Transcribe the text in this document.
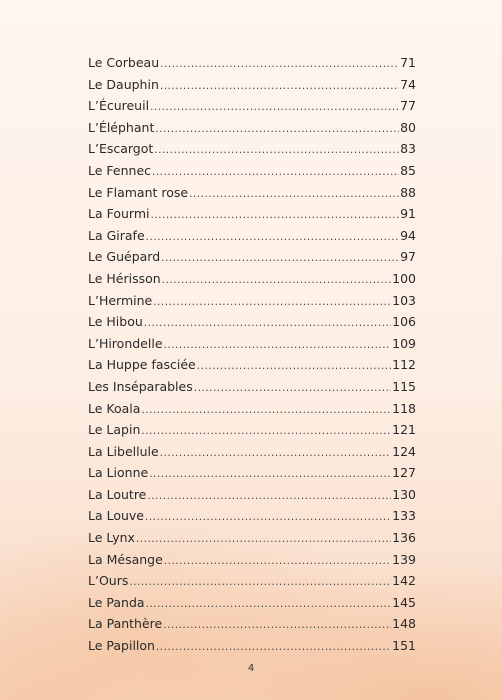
Le Corbeau .....	71
Le Dauphin .....	74
L’Écureuil .....	77
L’Éléphant .....	80
L’Escargot .....	83
Le Fennec .....	85
Le Flamant rose .....	88
La Fourmi .....	91
La Girafe .....	94
Le Guépard .....	97
Le Hérisson .....	100
L’Hermine .....	103
Le Hibou .....	106
L’Hirondelle .....	109
La Huppe fasciée .....	112
Les Inséparables .....	115
Le Koala .....	118
Le Lapin .....	121
La Libellule .....	124
La Lionne .....	127
La Loutre .....	130
La Louve .....	133
Le Lynx .....	136
La Mésange .....	139
L’Ours .....	142
Le Panda .....	145
La Panthère .....	148
Le Papillon .....	151
4
